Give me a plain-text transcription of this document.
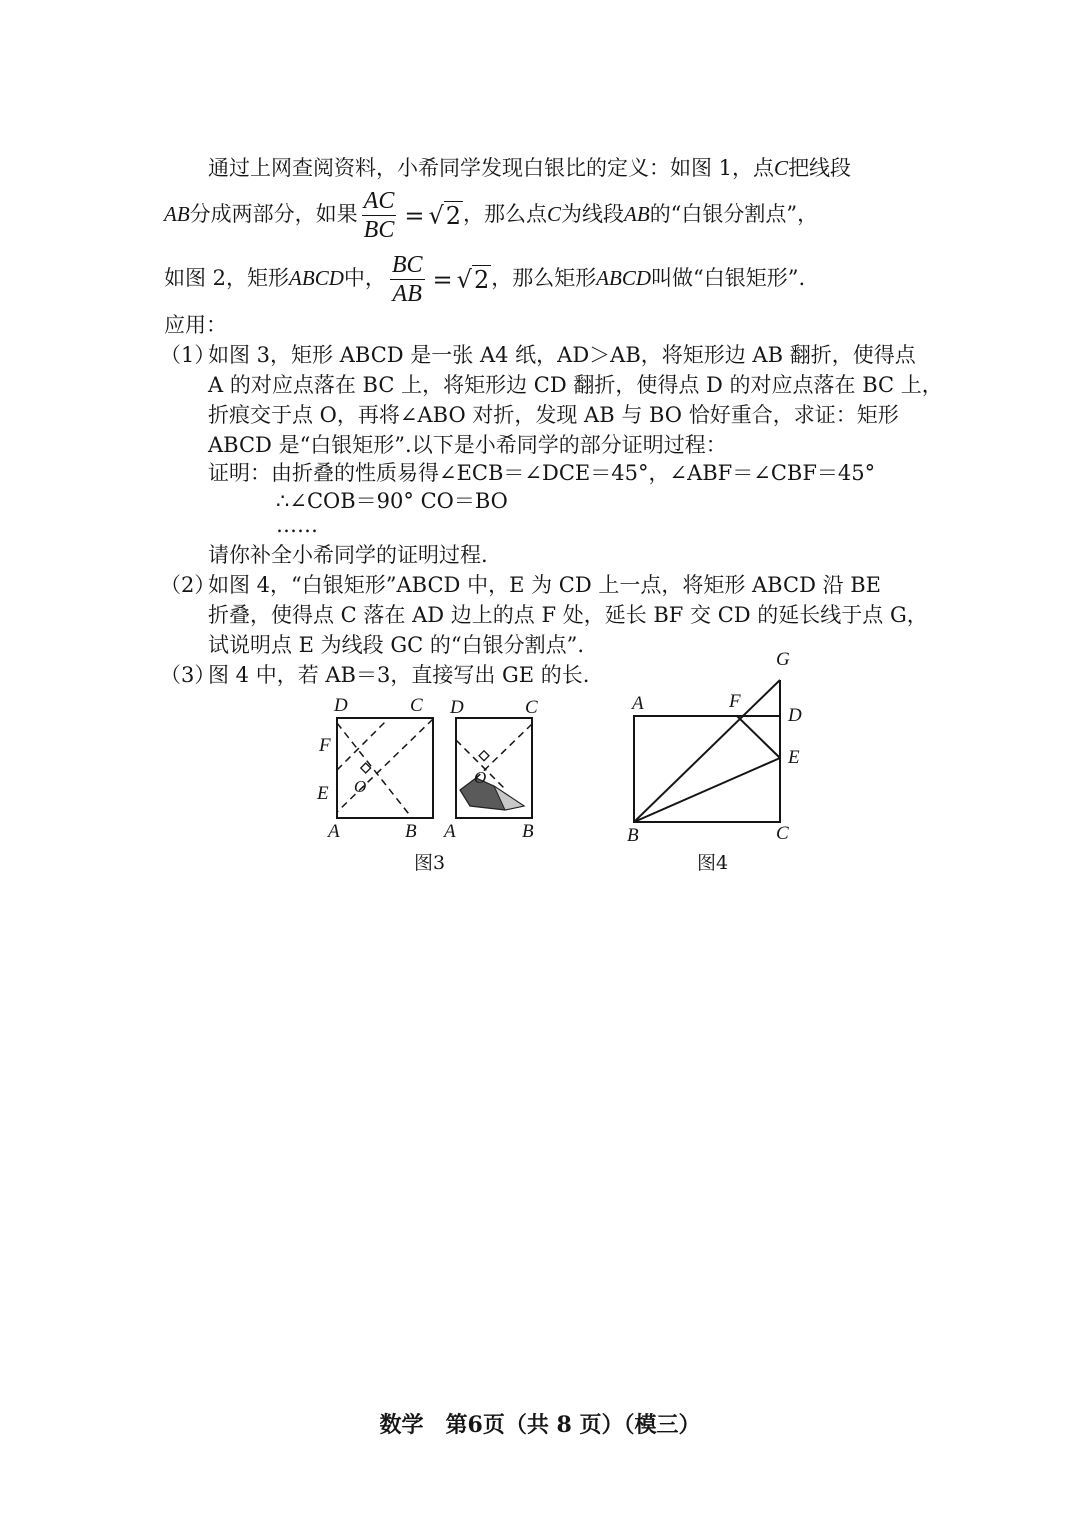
通过上网查阅资料，小希同学发现白银比的定义：如图 1，点C把线段
AB分成两部分，如果 $\frac{AC}{BC} = √2$，那么点C为线段AB的“白银分割点”，
如图 2，矩形ABCD中， $\frac{BC}{AB} = √2$，那么矩形ABCD叫做“白银矩形”.
应用：
（1）
如图 3，矩形 ABCD 是一张 A4 纸，AD＞AB，将矩形边 AB 翻折，使得点
A 的对应点落在 BC 上，将矩形边 CD 翻折，使得点 D 的对应点落在 BC 上，
折痕交于点 O，再将∠ABO 对折，发现 AB 与 BO 恰好重合，求证：矩形
ABCD 是“白银矩形”.以下是小希同学的部分证明过程：
证明：由折叠的性质易得∠ECB＝∠DCE＝45°，∠ABF＝∠CBF＝45°
∴∠COB＝90° CO＝BO
……
请你补全小希同学的证明过程.
（2）
如图 4，“白银矩形”ABCD 中，E 为 CD 上一点，将矩形 ABCD 沿 BE
折叠，使得点 C 落在 AD 边上的点 F 处，延长 BF 交 CD 的延长线于点 G，
试说明点 E 为线段 GC 的“白银分割点”.
（3）
图 4 中，若 AB＝3，直接写出 GE 的长.
D	C
F
E O
A	B
D	C
O
A	B
G
A	F
D
E
B	C
图3	图4
数学　第6页（共 8 页）（模三）
